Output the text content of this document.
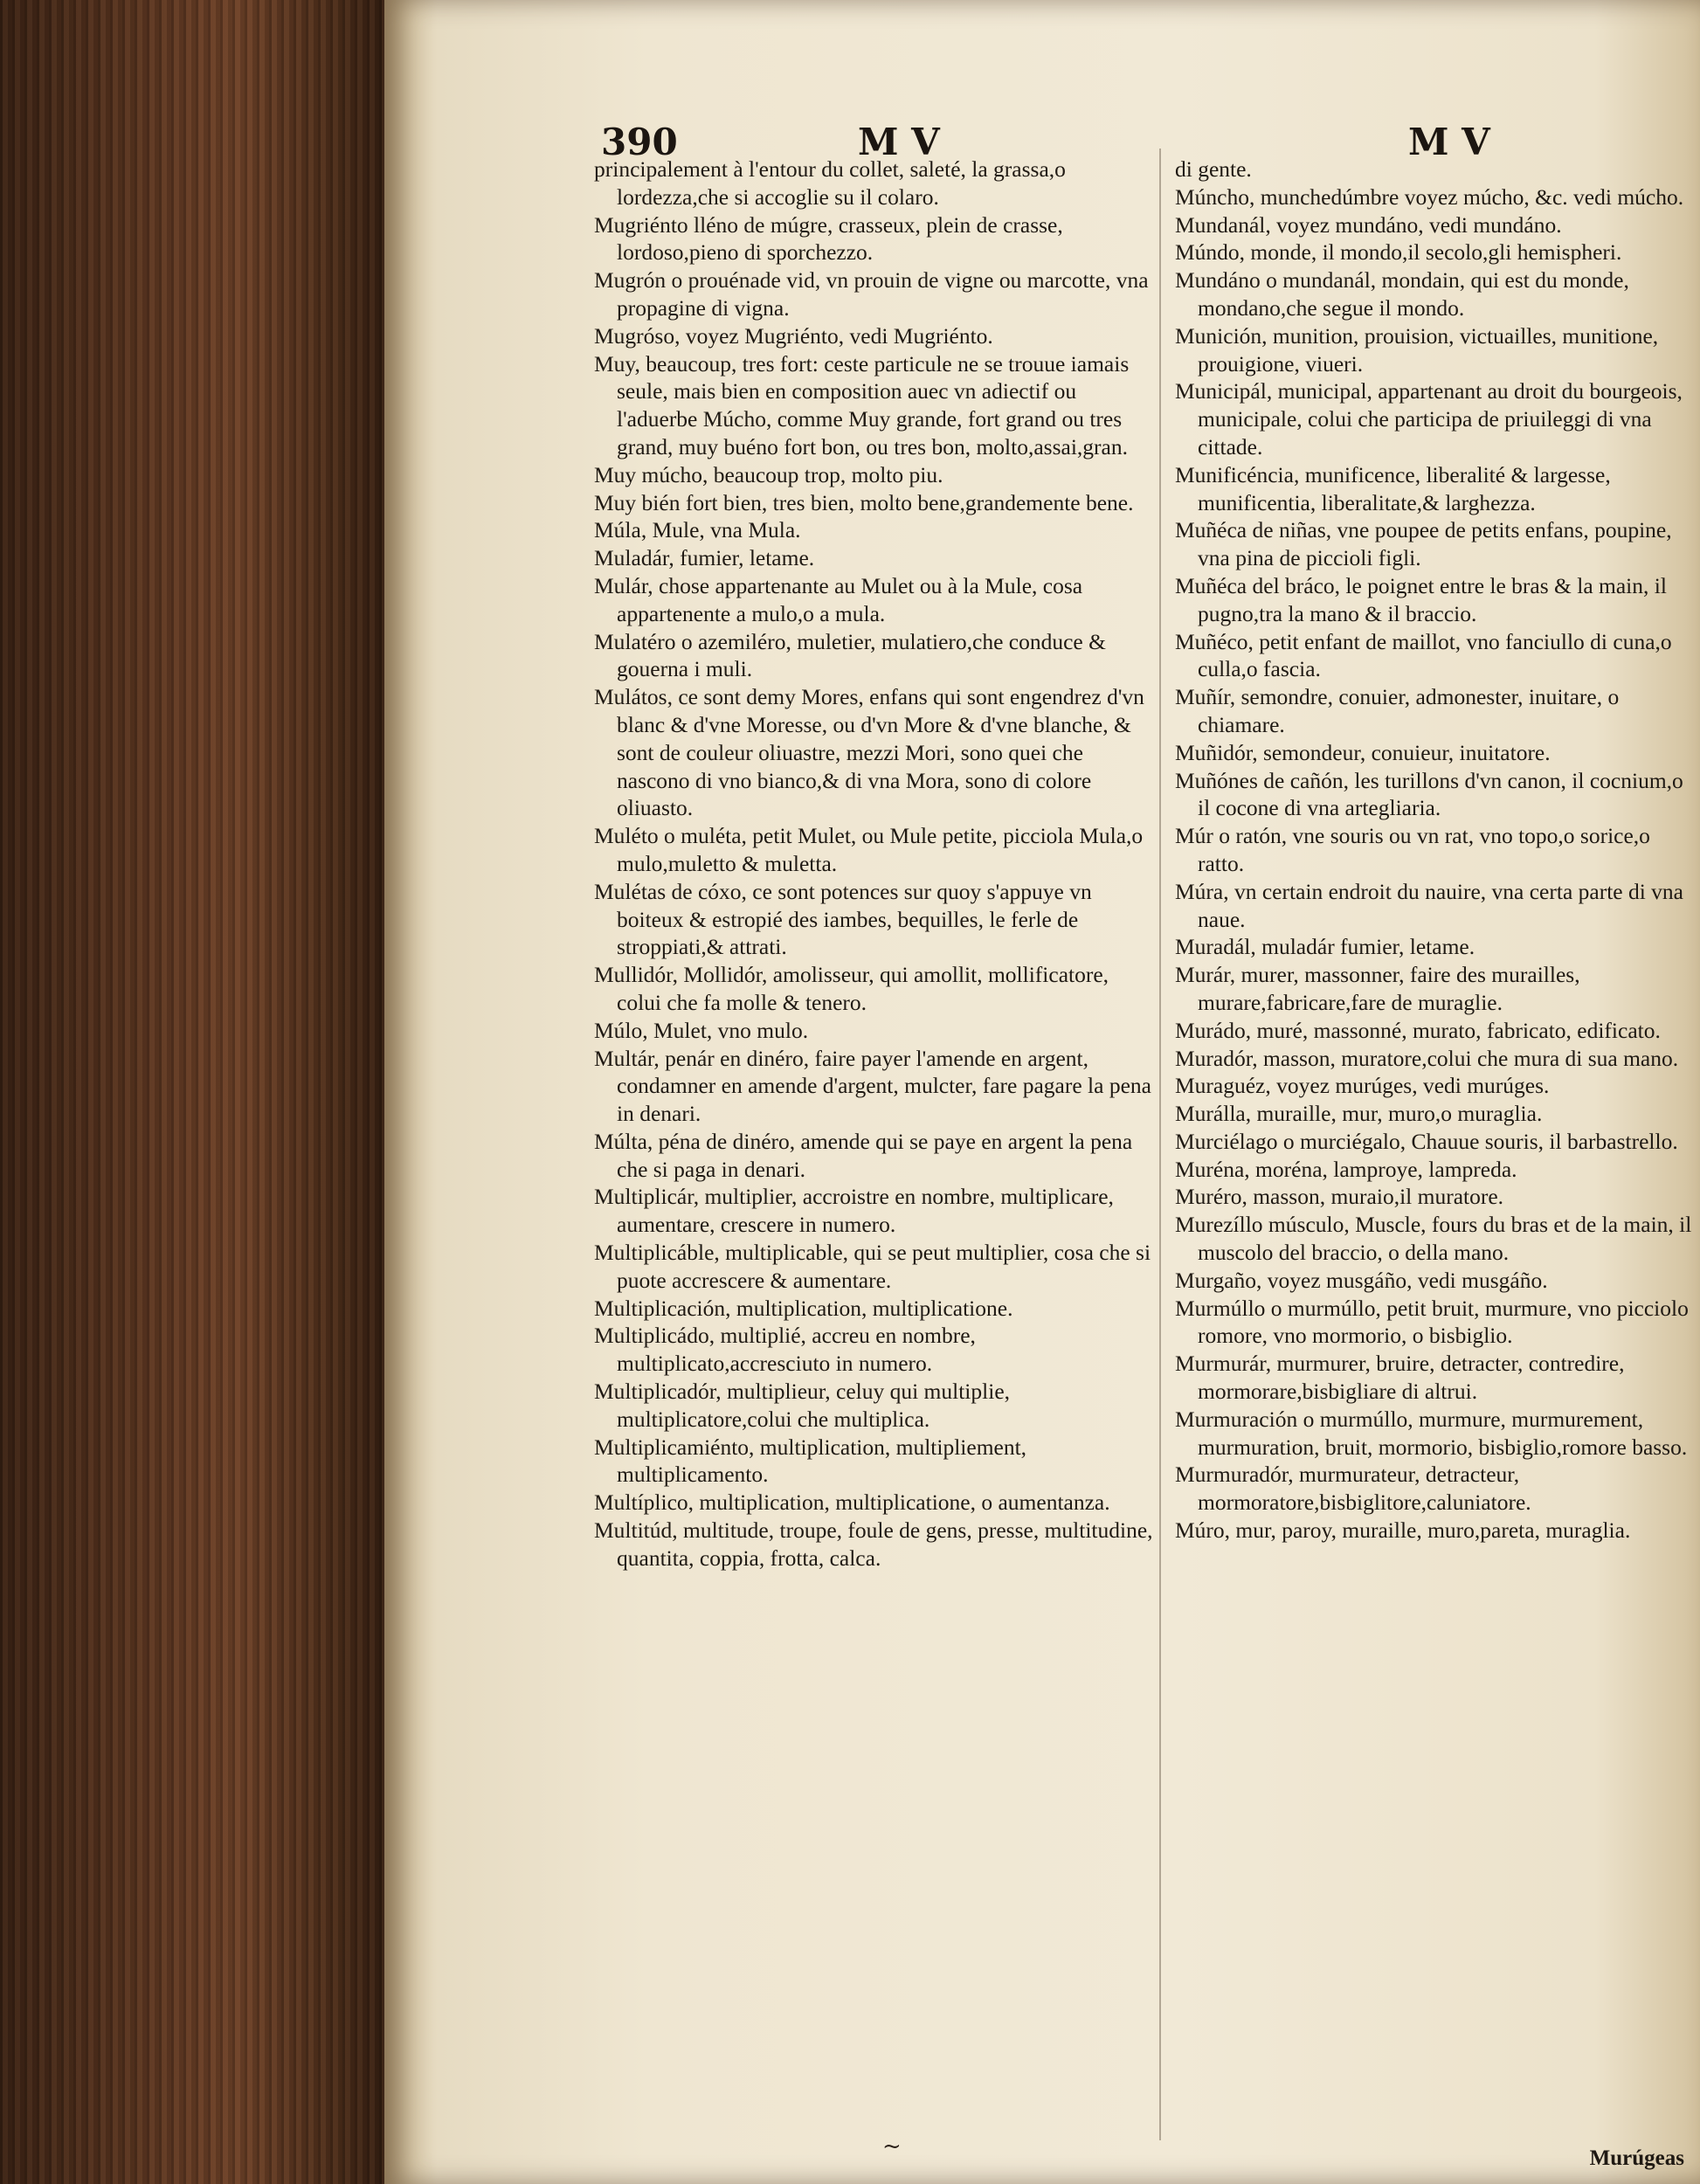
390	M V	M V

principalement à l'entour du collet, saleté, la grassa,o lordezza,che si accoglie su il colaro.

Mugriénto lléno de múgre, crasseux, plein de crasse, lordoso,pieno di sporchezzo.

Mugrón o prouénade vid, vn prouin de vigne ou marcotte, vna propagine di vigna.

Mugróso, voyez Mugriénto, vedi Mugriénto.

Muy, beaucoup, tres fort: ceste particule ne se trouue iamais seule, mais bien en composition auec vn adiectif ou l'aduerbe Múcho, comme Muy grande, fort grand ou tres grand, muy buéno fort bon, ou tres bon, molto,assai,gran.

Muy múcho, beaucoup trop, molto piu.

Muy bién fort bien, tres bien, molto bene,grandemente bene.

Múla, Mule, vna Mula.

Muladár, fumier, letame.

Mulár, chose appartenante au Mulet ou à la Mule, cosa appartenente a mulo,o a mula.

Mulatéro o azemiléro, muletier, mulatiero,che conduce & gouerna i muli.

Mulátos, ce sont demy Mores, enfans qui sont engendrez d'vn blanc & d'vne Moresse, ou d'vn More & d'vne blanche, & sont de couleur oliuastre, mezzi Mori, sono quei che nascono di vno bianco,& di vna Mora, sono di colore oliuasto.

Muléto o muléta, petit Mulet, ou Mule petite, picciola Mula,o mulo,muletto & muletta.

Mulétas de cóxo, ce sont potences sur quoy s'appuye vn boiteux & estropié des iambes, bequilles, le ferle de stroppiati,& attrati.

Mullidór, Mollidór, amolisseur, qui amollit, mollificatore, colui che fa molle & tenero.

Múlo, Mulet, vno mulo.

Multár, penár en dinéro, faire payer l'amende en argent, condamner en amende d'argent, mulcter, fare pagare la pena in denari.

Múlta, péna de dinéro, amende qui se paye en argent la pena che si paga in denari.

Multiplicár, multiplier, accroistre en nombre, multiplicare, aumentare, crescere in numero.

Multiplicáble, multiplicable, qui se peut multiplier, cosa che si puote accrescere & aumentare.

Multiplicación, multiplication, multiplicatione.

Multiplicádo, multiplié, accreu en nombre, multiplicato,accresciuto in numero.

Multiplicadór, multiplieur, celuy qui multiplie, multiplicatore,colui che multiplica.

Multiplicamiénto, multiplication, multipliement, multiplicamento.

Multíplico, multiplication, multiplicatione, o aumentanza.

Multitúd, multitude, troupe, foule de gens, presse, multitudine, quantita, coppia, frotta, calca.

di gente.

Múncho, munchedúmbre voyez múcho, &c. vedi múcho.

Mundanál, voyez mundáno, vedi mundáno.

Múndo, monde, il mondo,il secolo,gli hemispheri.

Mundáno o mundanál, mondain, qui est du monde, mondano,che segue il mondo.

Munición, munition, prouision, victuailles, munitione, prouigione, viueri.

Municipál, municipal, appartenant au droit du bourgeois, municipale, colui che participa de priuileggi di vna cittade.

Munificéncia, munificence, liberalité & largesse, munificentia, liberalitate,& larghezza.

Muñéca de niñas, vne poupee de petits enfans, poupine, vna pina de piccioli figli.

Muñéca del bráco, le poignet entre le bras & la main, il pugno,tra la mano & il braccio.

Muñéco, petit enfant de maillot, vno fanciullo di cuna,o culla,o fascia.

Muñír, semondre, conuier, admonester, inuitare, o chiamare.

Muñidór, semondeur, conuieur, inuitatore.

Muñónes de cañón, les turillons d'vn canon, il cocnium,o il cocone di vna artegliaria.

Múr o ratón, vne souris ou vn rat, vno topo,o sorice,o ratto.

Múra, vn certain endroit du nauire, vna certa parte di vna naue.

Muradál, muladár fumier, letame.

Murár, murer, massonner, faire des murailles, murare,fabricare,fare de muraglie.

Murádo, muré, massonné, murato, fabricato, edificato.

Muradór, masson, muratore,colui che mura di sua mano.

Muraguéz, voyez murúges, vedi murúges.

Murálla, muraille, mur, muro,o muraglia.

Murciélago o murciégalo, Chauue souris, il barbastrello.

Muréna, moréna, lamproye, lampreda.

Muréro, masson, muraio,il muratore.

Murezíllo músculo, Muscle, fours du bras et de la main, il muscolo del braccio, o della mano.

Murgaño, voyez musgáño, vedi musgáño.

Murmúllo o murmúllo, petit bruit, murmure, vno picciolo romore, vno mormorio, o bisbiglio.

Murmurár, murmurer, bruire, detracter, contredire, mormorare,bisbigliare di altrui.

Murmuración o murmúllo, murmure, murmurement, murmuration, bruit, mormorio, bisbiglio,romore basso.

Murmuradór, murmurateur, detracteur, mormoratore,bisbiglitore,caluniatore.

Múro, mur, paroy, muraille, muro,pareta, muraglia.

Murúgeas
~
